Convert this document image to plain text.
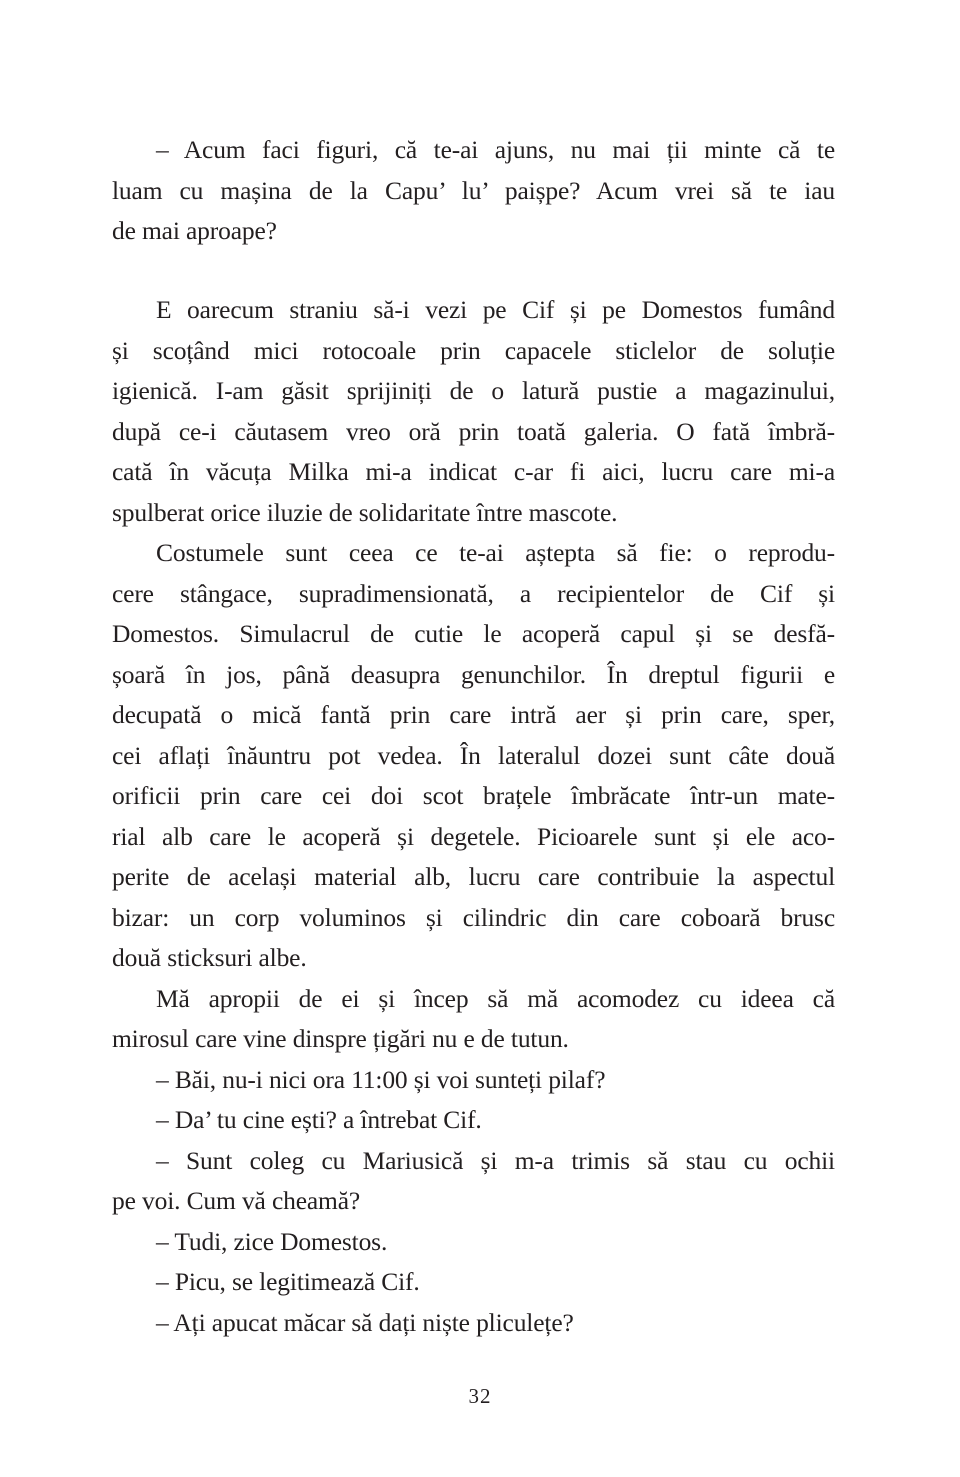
– Acum faci figuri, că te-ai ajuns, nu mai ții minte că te
luam cu mașina de la Capu’ lu’ paișpe? Acum vrei să te iau
de mai aproape?
E oarecum straniu să-i vezi pe Cif și pe Domestos fumând
și scoțând mici rotocoale prin capacele sticlelor de soluție
igienică. I-am găsit sprijiniți de o latură pustie a magazinului,
după ce-i căutasem vreo oră prin toată galeria. O fată îmbră-
cată în văcuța Milka mi-a indicat c-ar fi aici, lucru care mi-a
spulberat orice iluzie de solidaritate între mascote.
Costumele sunt ceea ce te-ai aștepta să fie: o reprodu-
cere stângace, supradimensionată, a recipientelor de Cif și
Domestos. Simulacrul de cutie le acoperă capul și se desfă-
șoară în jos, până deasupra genunchilor. În dreptul figurii e
decupată o mică fantă prin care intră aer și prin care, sper,
cei aflați înăuntru pot vedea. În lateralul dozei sunt câte două
orificii prin care cei doi scot brațele îmbrăcate într-un mate-
rial alb care le acoperă și degetele. Picioarele sunt și ele aco-
perite de același material alb, lucru care contribuie la aspectul
bizar: un corp voluminos și cilindric din care coboară brusc
două sticksuri albe.
Mă apropii de ei și încep să mă acomodez cu ideea că
mirosul care vine dinspre țigări nu e de tutun.
– Băi, nu-i nici ora 11:00 și voi sunteți pilaf?
– Da’ tu cine ești? a întrebat Cif.
– Sunt coleg cu Mariusică și m-a trimis să stau cu ochii
pe voi. Cum vă cheamă?
– Tudi, zice Domestos.
– Picu, se legitimează Cif.
– Ați apucat măcar să dați niște pliculețe?
32
